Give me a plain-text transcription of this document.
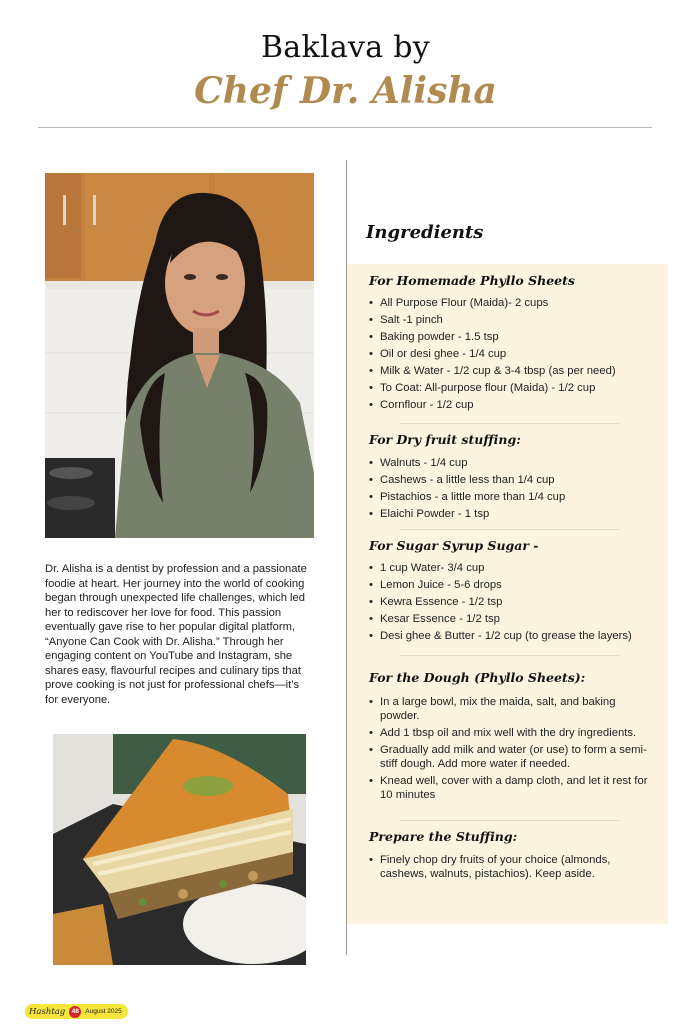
Baklava by
Chef Dr. Alisha
Dr. Alisha is a dentist by profession and a passionate foodie at heart. Her journey into the world of cooking began through unexpected life challenges, which led her to rediscover her love for food. This passion eventually gave rise to her popular digital platform, “Anyone Can Cook with Dr. Alisha.” Through her engaging content on YouTube and Instagram, she shares easy, flavourful recipes and culinary tips that prove cooking is not just for professional chefs—it’s for everyone.
Ingredients
For Homemade Phyllo Sheets
• All Purpose Flour (Maida)- 2 cups
• Salt -1 pinch
• Baking powder - 1.5 tsp
• Oil or desi ghee - 1/4 cup
• Milk & Water - 1/2 cup & 3-4 tbsp (as per need)
• To Coat: All-purpose flour (Maida) - 1/2 cup
• Cornflour - 1/2 cup
For Dry fruit stuffing:
• Walnuts - 1/4 cup
• Cashews - a little less than 1/4 cup
• Pistachios - a little more than 1/4 cup
• Elaichi Powder - 1 tsp
For Sugar Syrup Sugar -
• 1 cup Water- 3/4 cup
• Lemon Juice - 5-6 drops
• Kewra Essence - 1/2 tsp
• Kesar Essence - 1/2 tsp
• Desi ghee & Butter - 1/2 cup (to grease the layers)
For the Dough (Phyllo Sheets):
• In a large bowl, mix the maida, salt, and baking powder.
• Add 1 tbsp oil and mix well with the dry ingredients.
• Gradually add milk and water (or use) to form a semi-stiff dough. Add more water if needed.
• Knead well, cover with a damp cloth, and let it rest for 10 minutes
Prepare the Stuffing:
• Finely chop dry fruits of your choice (almonds, cashews, walnuts, pistachios). Keep aside.
Hashtag 48 August 2025
